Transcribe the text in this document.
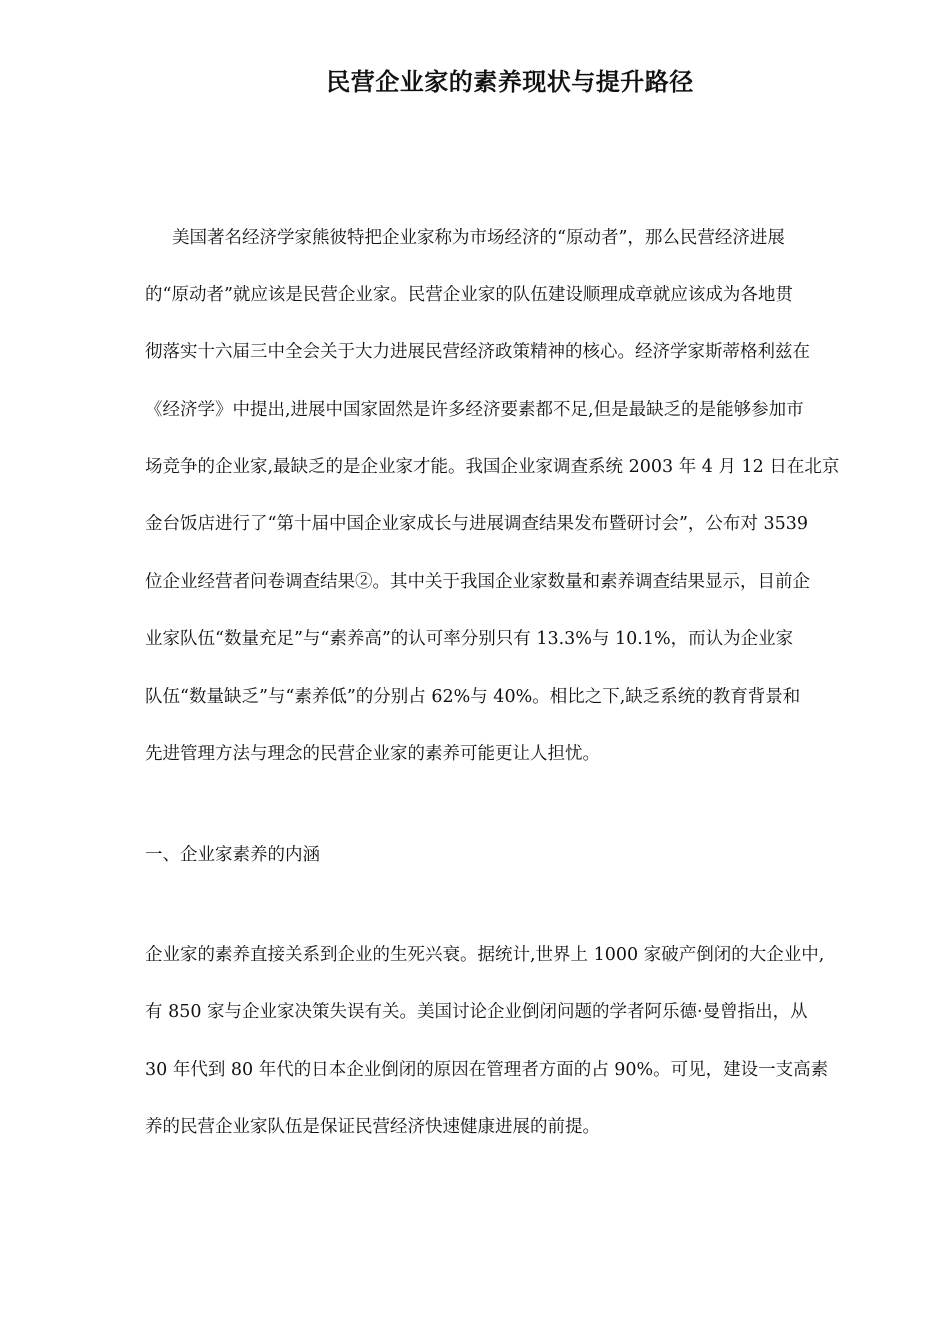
民营企业家的素养现状与提升路径
美国著名经济学家熊彼特把企业家称为市场经济的“原动者”，那么民营经济进展
的“原动者”就应该是民营企业家。民营企业家的队伍建设顺理成章就应该成为各地贯
彻落实十六届三中全会关于大力进展民营经济政策精神的核心。经济学家斯蒂格利兹在
《经济学》中提出,进展中国家固然是许多经济要素都不足,但是最缺乏的是能够参加市
场竞争的企业家,最缺乏的是企业家才能。我国企业家调查系统 2003 年 4 月 12 日在北京
金台饭店进行了“第十届中国企业家成长与进展调查结果发布暨研讨会”，公布对 3539
位企业经营者问卷调查结果②。其中关于我国企业家数量和素养调查结果显示，目前企
业家队伍“数量充足”与“素养高”的认可率分别只有 13.3%与 10.1%，而认为企业家
队伍“数量缺乏”与“素养低”的分别占 62%与 40%。相比之下,缺乏系统的教育背景和
先进管理方法与理念的民营企业家的素养可能更让人担忧。
一、企业家素养的内涵
企业家的素养直接关系到企业的生死兴衰。据统计,世界上 1000 家破产倒闭的大企业中,
有 850 家与企业家决策失误有关。美国讨论企业倒闭问题的学者阿乐德·曼曾指出，从
30 年代到 80 年代的日本企业倒闭的原因在管理者方面的占 90%。可见，建设一支高素
养的民营企业家队伍是保证民营经济快速健康进展的前提。
